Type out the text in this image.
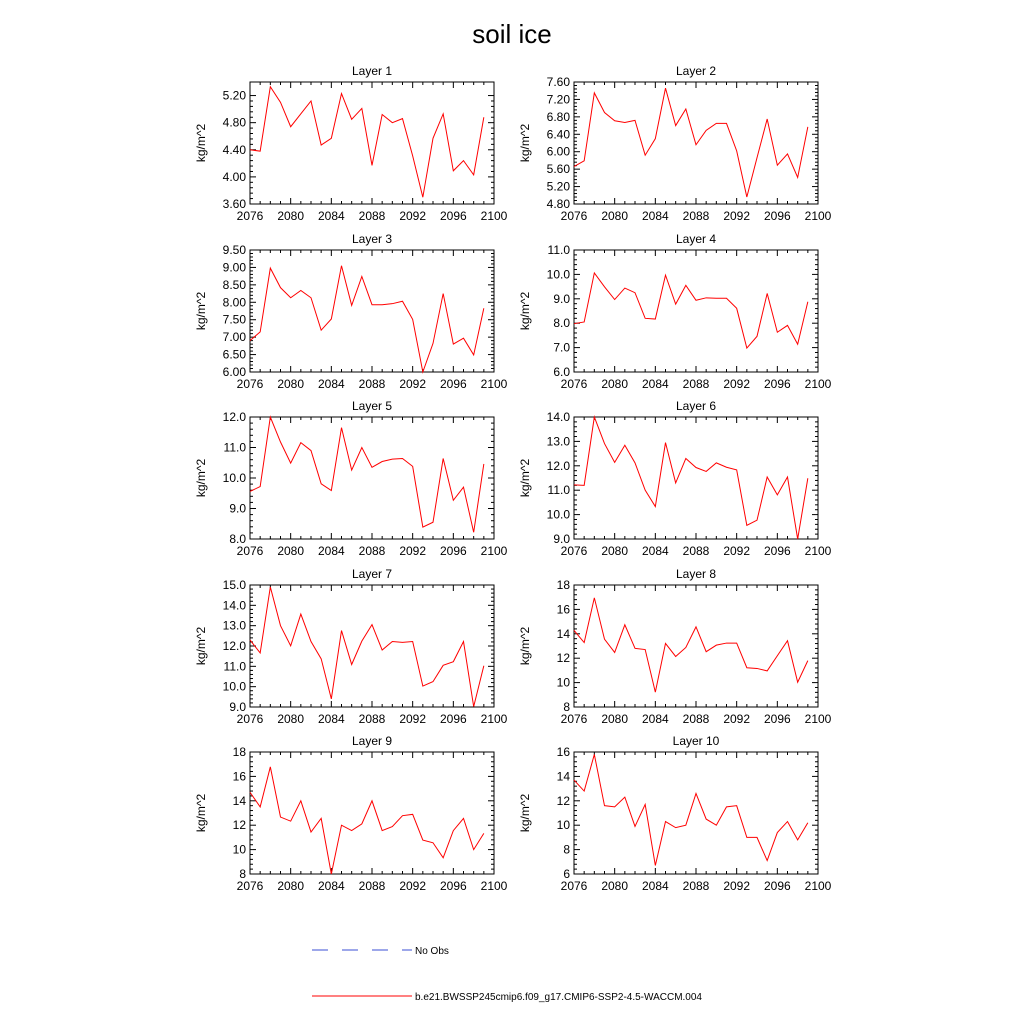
soil ice
Layer 1
kg/m^2
2076 2080 2084 2088 2092 2096 2100
3.60
4.00
4.40
4.80
5.20
Layer 2
kg/m^2
2076 2080 2084 2088 2092 2096 2100
4.80
5.20
5.60
6.00
6.40
6.80
7.20
7.60
Layer 3
kg/m^2
2076 2080 2084 2088 2092 2096 2100
6.00
6.50
7.00
7.50
8.00
8.50
9.00
9.50
Layer 4
kg/m^2
2076 2080 2084 2088 2092 2096 2100
6.0
7.0
8.0
9.0
10.0
11.0
Layer 5
kg/m^2
2076 2080 2084 2088 2092 2096 2100
8.0
9.0
10.0
11.0
12.0
Layer 6
kg/m^2
2076 2080 2084 2088 2092 2096 2100
9.0
10.0
11.0
12.0
13.0
14.0
Layer 7
kg/m^2
2076 2080 2084 2088 2092 2096 2100
9.0
10.0
11.0
12.0
13.0
14.0
15.0
Layer 8
kg/m^2
2076 2080 2084 2088 2092 2096 2100
8
10
12
14
16
18
Layer 9
kg/m^2
2076 2080 2084 2088 2092 2096 2100
8
10
12
14
16
18
Layer 10
kg/m^2
2076 2080 2084 2088 2092 2096 2100
6
8
10
12
14
16
No Obs
b.e21.BWSSP245cmip6.f09_g17.CMIP6-SSP2-4.5-WACCM.004
